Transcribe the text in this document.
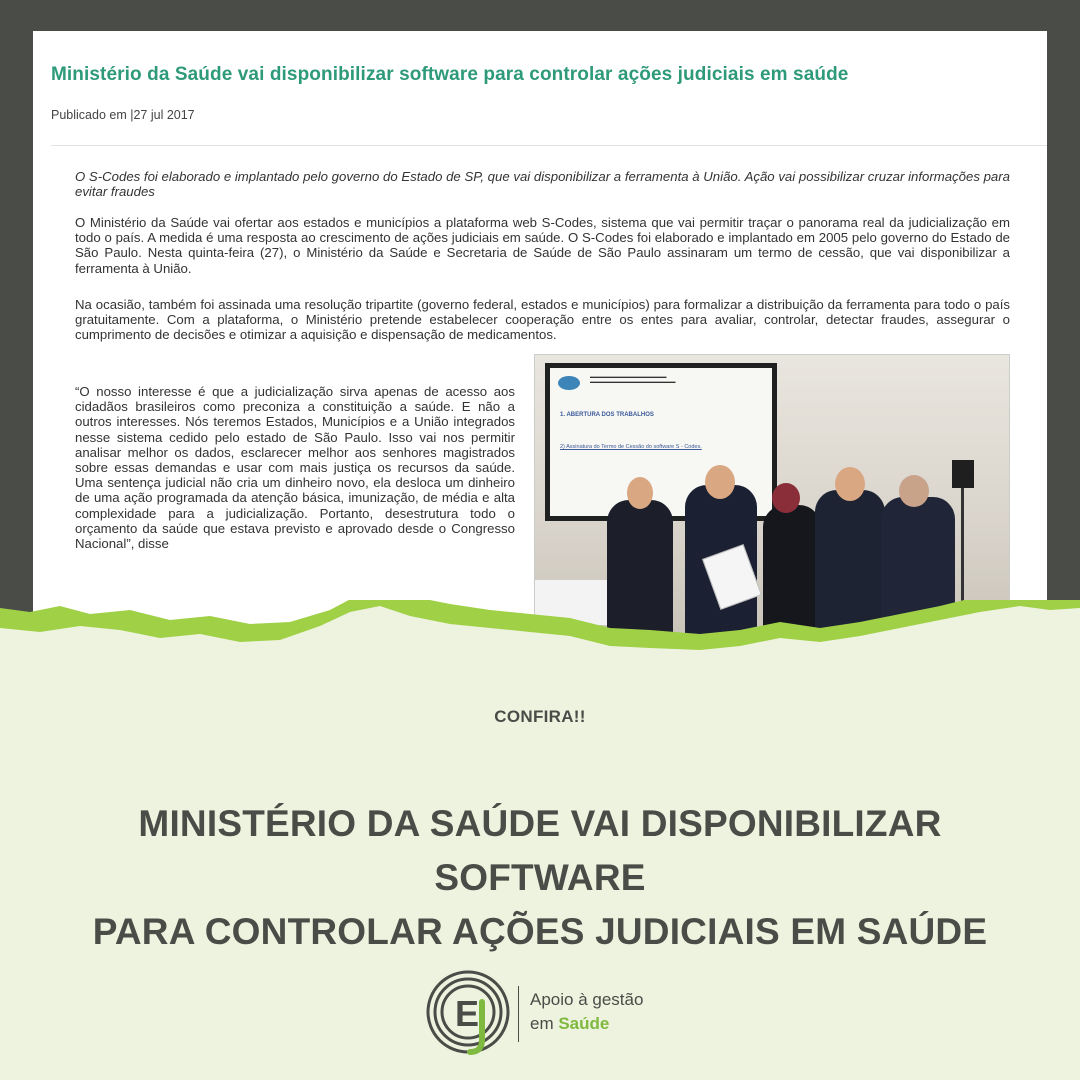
Ministério da Saúde vai disponibilizar software para controlar ações judiciais em saúde
Publicado em |27 jul 2017

O S-Codes foi elaborado e implantado pelo governo do Estado de SP, que vai disponibilizar a ferramenta à União. Ação vai possibilizar cruzar informações para evitar fraudes

O Ministério da Saúde vai ofertar aos estados e municípios a plataforma web S-Codes, sistema que vai permitir traçar o panorama real da judicialização em todo o país. A medida é uma resposta ao crescimento de ações judiciais em saúde. O S-Codes foi elaborado e implantado em 2005 pelo governo do Estado de São Paulo. Nesta quinta-feira (27), o Ministério da Saúde e Secretaria de Saúde de São Paulo assinaram um termo de cessão, que vai disponibilizar a ferramenta à União.

Na ocasião, também foi assinada uma resolução tripartite (governo federal, estados e municípios) para formalizar a distribuição da ferramenta para todo o país gratuitamente. Com a plataforma, o Ministério pretende estabelecer cooperação entre os entes para avaliar, controlar, detectar fraudes, assegurar o cumprimento de decisões e otimizar a aquisição e dispensação de medicamentos.

“O nosso interesse é que a judicialização sirva apenas de acesso aos cidadãos brasileiros como preconiza a constituição a saúde. E não a outros interesses. Nós teremos Estados, Municípios e a União integrados nesse sistema cedido pelo estado de São Paulo. Isso vai nos permitir analisar melhor os dados, esclarecer melhor aos senhores magistrados sobre essas demandas e usar com mais justiça os recursos da saúde. Uma sentença judicial não cria um dinheiro novo, ela desloca um dinheiro de uma ação programada da atenção básica, imunização, de média e alta complexidade para a judicialização. Portanto, desestrutura todo o orçamento da saúde que estava previsto e aprovado desde o Congresso Nacional”, disse

▬▬▬▬▬▬▬▬▬▬▬▬▬▬▬▬▬
▬▬▬▬▬▬▬▬▬▬▬▬▬▬▬▬▬▬▬
1. ABERTURA DOS TRABALHOS
2) Assinatura do Termo de Cessão do software S - Codes.
CONFIRA!!
MINISTÉRIO DA SAÚDE VAI DISPONIBILIZAR SOFTWARE
PARA CONTROLAR AÇÕES JUDICIAIS EM SAÚDE
E	Apoio à gestão
em Saúde
